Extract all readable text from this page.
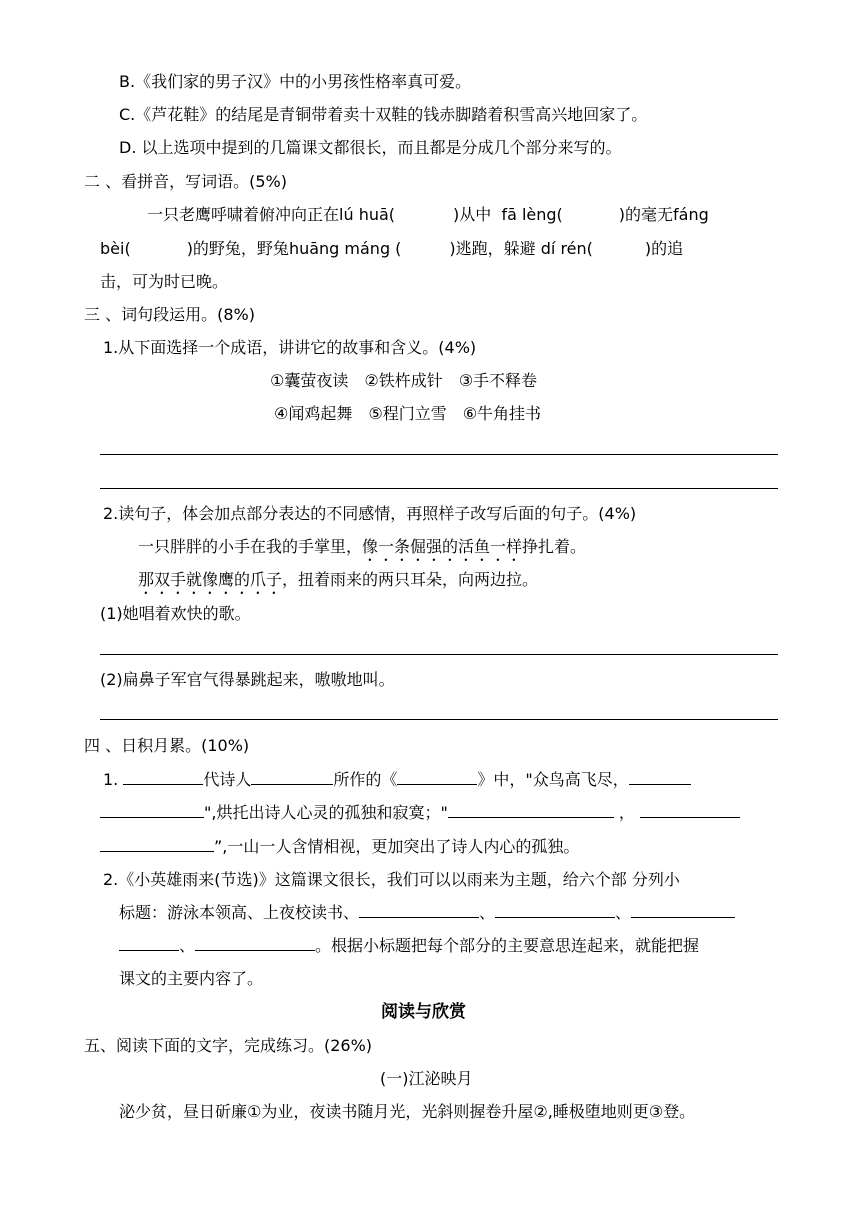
B.《我们家的男子汉》中的小男孩性格率真可爱。
C.《芦花鞋》的结尾是青铜带着卖十双鞋的钱赤脚踏着积雪高兴地回家了。
D. 以上选项中提到的几篇课文都很长，而且都是分成几个部分来写的。
二 、看拼音，写词语。(5%)
一只老鹰呼啸着俯冲向正在lú huā(	)从中 fā lèng(	)的毫无fáng
bèi(	)的野兔，野兔huāng máng (	)逃跑，躲避 dí rén(	)的追
击，可为时已晚。
三 、词句段运用。(8%)
1.从下面选择一个成语，讲讲它的故事和含义。(4%)
①囊萤夜读　②铁杵成针　③手不释卷
④闻鸡起舞　⑤程门立雪　⑥牛角挂书
2.读句子，体会加点部分表达的不同感情，再照样子改写后面的句子。(4%)
一只胖胖的小手在我的手掌里，像一条倔强的活鱼一样挣扎着。
那双手就像鹰的爪子，扭着雨来的两只耳朵，向两边拉。
(1)她唱着欢快的歌。
(2)扁鼻子军官气得暴跳起来，嗷嗷地叫。
四 、日积月累。(10%)
1.	代诗人	所作的《	》中，"众鸟高飞尽，
",烘托出诗人心灵的孤独和寂寞；"	，
”,一山一人含情相视，更加突出了诗人内心的孤独。
2.《小英雄雨来(节选)》这篇课文很长，我们可以以雨来为主题，给六个部 分列小
标题：游泳本领高、上夜校读书、	、	、
、	。根据小标题把每个部分的主要意思连起来，就能把握
课文的主要内容了。
阅读与欣赏
五、阅读下面的文字，完成练习。(26%)
(一)江泌映月
泌少贫，昼日斫廉①为业，夜读书随月光，光斜则握卷升屋②,睡极堕地则更③登。
